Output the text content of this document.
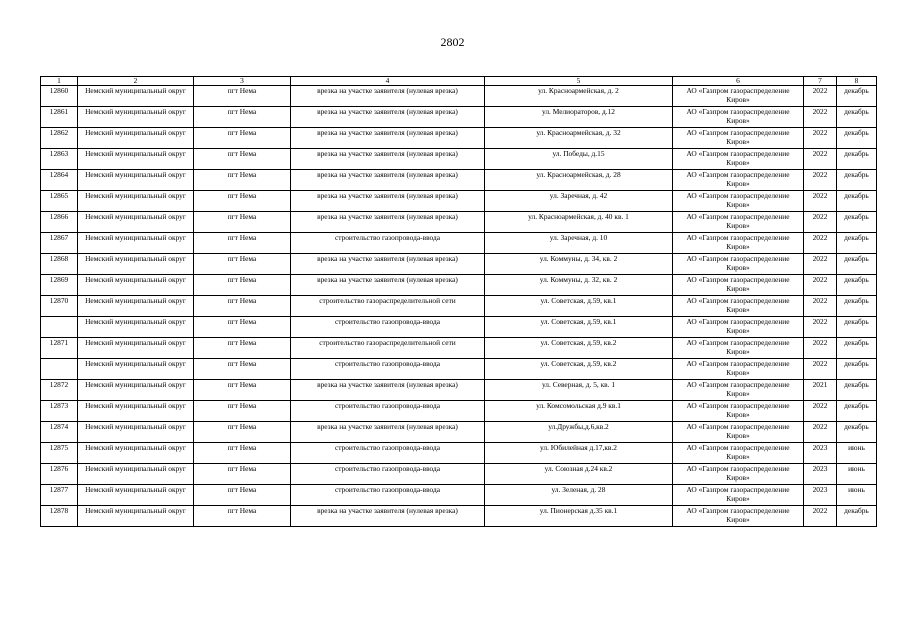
2802
1	2	3	4	5	6	7	8
12860	Немский муниципальный округ	пгт Нема	врезка на участке заявителя (нулевая врезка)	ул. Красноармейская, д. 2	АО «Газпром газораспределение Киров»	2022	декабрь
12861	Немский муниципальный округ	пгт Нема	врезка на участке заявителя (нулевая врезка)	ул. Мелиораторов, д.12	АО «Газпром газораспределение Киров»	2022	декабрь
12862	Немский муниципальный округ	пгт Нема	врезка на участке заявителя (нулевая врезка)	ул. Красноармейская, д. 32	АО «Газпром газораспределение Киров»	2022	декабрь
12863	Немский муниципальный округ	пгт Нема	врезка на участке заявителя (нулевая врезка)	ул. Победы, д.15	АО «Газпром газораспределение Киров»	2022	декабрь
12864	Немский муниципальный округ	пгт Нема	врезка на участке заявителя (нулевая врезка)	ул. Красноармейская, д. 28	АО «Газпром газораспределение Киров»	2022	декабрь
12865	Немский муниципальный округ	пгт Нема	врезка на участке заявителя (нулевая врезка)	ул. Заречная, д. 42	АО «Газпром газораспределение Киров»	2022	декабрь
12866	Немский муниципальный округ	пгт Нема	врезка на участке заявителя (нулевая врезка)	ул. Красноармейская, д. 40 кв. 1	АО «Газпром газораспределение Киров»	2022	декабрь
12867	Немский муниципальный округ	пгт Нема	строительство газопровода-ввода	ул. Заречная, д. 10	АО «Газпром газораспределение Киров»	2022	декабрь
12868	Немский муниципальный округ	пгт Нема	врезка на участке заявителя (нулевая врезка)	ул. Коммуны, д. 34, кв. 2	АО «Газпром газораспределение Киров»	2022	декабрь
12869	Немский муниципальный округ	пгт Нема	врезка на участке заявителя (нулевая врезка)	ул. Коммуны, д. 32, кв. 2	АО «Газпром газораспределение Киров»	2022	декабрь
12870	Немский муниципальный округ	пгт Нема	строительство газораспределительной сети	ул. Советская, д.59, кв.1	АО «Газпром газораспределение Киров»	2022	декабрь
	Немский муниципальный округ	пгт Нема	строительство газопровода-ввода	ул. Советская, д.59, кв.1	АО «Газпром газораспределение Киров»	2022	декабрь
12871	Немский муниципальный округ	пгт Нема	строительство газораспределительной сети	ул. Советская, д.59, кв.2	АО «Газпром газораспределение Киров»	2022	декабрь
	Немский муниципальный округ	пгт Нема	строительство газопровода-ввода	ул. Советская, д.59, кв.2	АО «Газпром газораспределение Киров»	2022	декабрь
12872	Немский муниципальный округ	пгт Нема	врезка на участке заявителя (нулевая врезка)	ул. Северная, д. 5, кв. 1	АО «Газпром газораспределение Киров»	2021	декабрь
12873	Немский муниципальный округ	пгт Нема	строительство газопровода-ввода	ул. Комсомольская д.9 кв.1	АО «Газпром газораспределение Киров»	2022	декабрь
12874	Немский муниципальный округ	пгт Нема	врезка на участке заявителя (нулевая врезка)	ул.Дружбы,д.6,кв.2	АО «Газпром газораспределение Киров»	2022	декабрь
12875	Немский муниципальный округ	пгт Нема	строительство газопровода-ввода	ул. Юбилейная д.17,кв.2	АО «Газпром газораспределение Киров»	2023	июнь
12876	Немский муниципальный округ	пгт Нема	строительство газопровода-ввода	ул. Союзная д.24 кв.2	АО «Газпром газораспределение Киров»	2023	июнь
12877	Немский муниципальный округ	пгт Нема	строительство газопровода-ввода	ул. Зеленая, д. 28	АО «Газпром газораспределение Киров»	2023	июнь
12878	Немский муниципальный округ	пгт Нема	врезка на участке заявителя (нулевая врезка)	ул. Пионерская д.35 кв.1	АО «Газпром газораспределение Киров»	2022	декабрь
